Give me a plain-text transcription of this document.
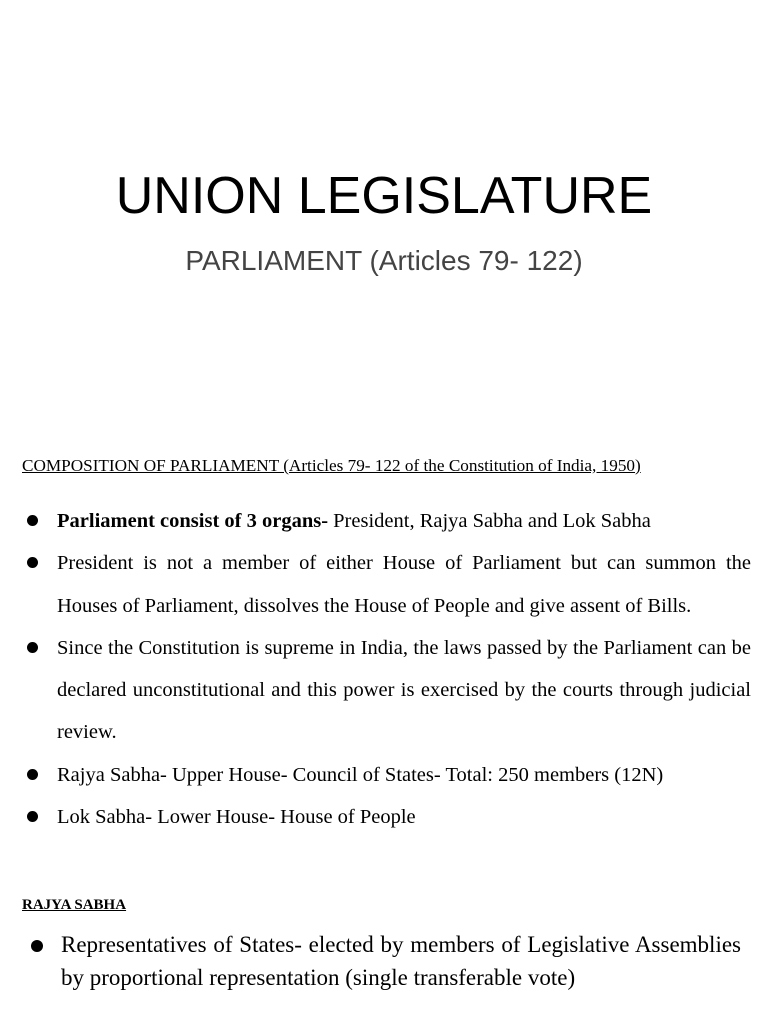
UNION LEGISLATURE
PARLIAMENT (Articles 79- 122)
COMPOSITION OF PARLIAMENT (Articles 79- 122 of the Constitution of India, 1950)
Parliament consist of 3 organs- President, Rajya Sabha and Lok Sabha
President is not a member of either House of Parliament but can summon the Houses of Parliament, dissolves the House of People and give assent of Bills.
Since the Constitution is supreme in India, the laws passed by the Parliament can be declared unconstitutional and this power is exercised by the courts through judicial review.
Rajya Sabha- Upper House- Council of States- Total: 250 members (12N)
Lok Sabha- Lower House- House of People
RAJYA SABHA
Representatives of States- elected by members of Legislative Assemblies by proportional representation (single transferable vote)
